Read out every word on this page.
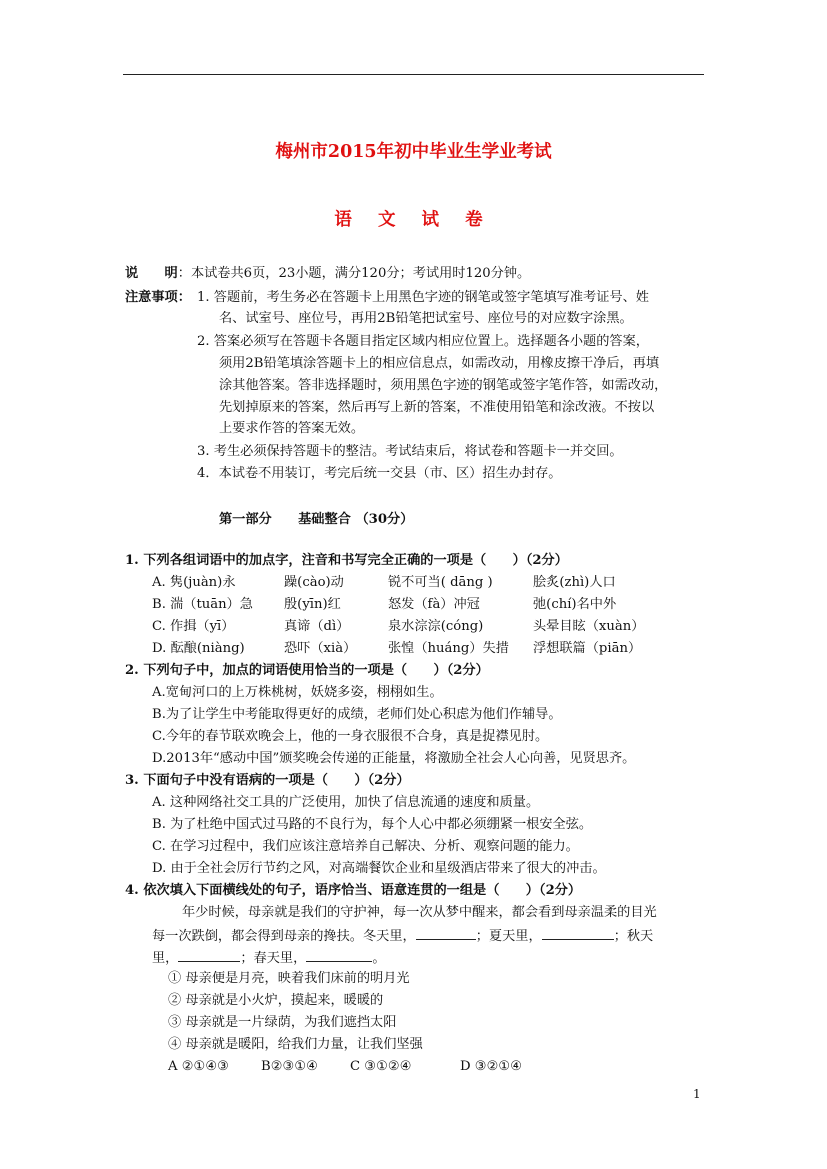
梅州市2015年初中毕业生学业考试
语 文 试 卷
说　　明：本试卷共6页，23小题，满分120分；考试用时120分钟。
注意事项： 1. 答题前，考生务必在答题卡上用黑色字迹的钢笔或签字笔填写准考证号、姓
名、试室号、座位号，再用2B铅笔把试室号、座位号的对应数字涂黑。
2. 答案必须写在答题卡各题目指定区域内相应位置上。选择题各小题的答案，
须用2B铅笔填涂答题卡上的相应信息点，如需改动，用橡皮擦干净后，再填
涂其他答案。答非选择题时，须用黑色字迹的钢笔或签字笔作答，如需改动，
先划掉原来的答案，然后再写上新的答案，不准使用铅笔和涂改液。不按以
上要求作答的答案无效。
3. 考生必须保持答题卡的整洁。考试结束后，将试卷和答题卡一并交回。
4．本试卷不用装订，考完后统一交县（市、区）招生办封存。
第一部分　　基础整合 （30分）
1. 下列各组词语中的加点字，注音和书写完全正确的一项是（　　）（2分）
A. 隽(juàn)永	躁(cào)动	锐不可当( dāng )	脍炙(zhì)人口
B. 湍（tuān）急 殷(yīn)红	怒发（fà）冲冠	弛(chí)名中外
C. 作揖（yī）	真谛（dì）	泉水淙淙(cóng)	头晕目眩（xuàn）
D. 酝酿(niàng)	恐吓（xià） 张惶（huáng）失措 浮想联篇（piān）
2. 下列句子中，加点的词语使用恰当的一项是（　　）（2分）
A.宽甸河口的上万株桃树，妖娆多姿，栩栩如生。
B.为了让学生中考能取得更好的成绩，老师们处心积虑为他们作辅导。
C.今年的春节联欢晚会上，他的一身衣服很不合身，真是捉襟见肘。
D.2013年“感动中国”颁奖晚会传递的正能量，将激励全社会人心向善，见贤思齐。
3. 下面句子中没有语病的一项是（　　）（2分）
A. 这种网络社交工具的广泛使用，加快了信息流通的速度和质量。
B. 为了杜绝中国式过马路的不良行为，每个人心中都必须绷紧一根安全弦。
C. 在学习过程中，我们应该注意培养自己解决、分析、观察问题的能力。
D. 由于全社会厉行节约之风，对高端餐饮企业和星级酒店带来了很大的冲击。
4. 依次填入下面横线处的句子，语序恰当、语意连贯的一组是（　　）（2分）
年少时候，母亲就是我们的守护神，每一次从梦中醒来，都会看到母亲温柔的目光
每一次跌倒，都会得到母亲的搀扶。冬天里，	；夏天里，	；秋天
里，	；春天里，	。
① 母亲便是月亮，映着我们床前的明月光
② 母亲就是小火炉，摸起来，暖暖的
③ 母亲就是一片绿荫，为我们遮挡太阳
④ 母亲就是暖阳，给我们力量，让我们坚强
A ②①④③ B②③①④ C ③①②④	D ③②①④
1
